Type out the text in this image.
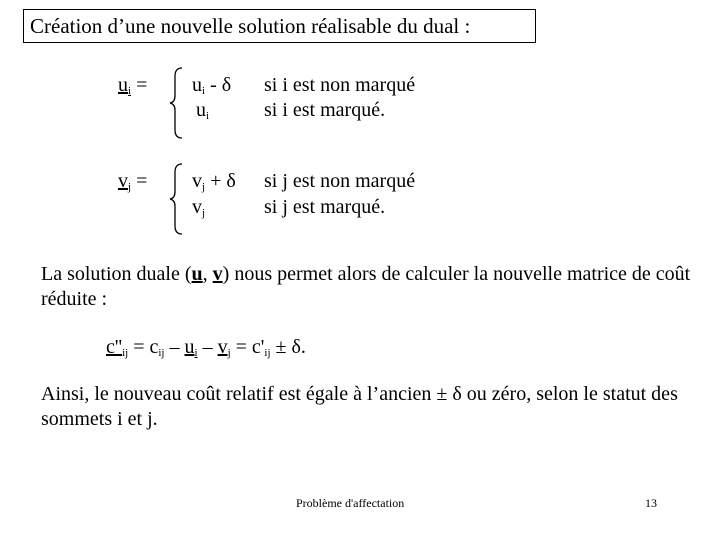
Création d’une nouvelle solution réalisable du dual :
$u_i = u_i - \delta$ si i est non marqué
$u_i$	si i est marqué.
$v_j = v_j + \delta$ si j est non marqué
$v_j$	si j est marqué.
La solution duale (u, v) nous permet alors de calculer la nouvelle matrice de coût réduite :
$c''_{ij} = c_{ij} - u_i - v_j = c'_{ij} \pm \delta$.
Ainsi, le nouveau coût relatif est égale à l’ancien ± δ ou zéro, selon le statut des sommets i et j.
Problème d'affectation	13
